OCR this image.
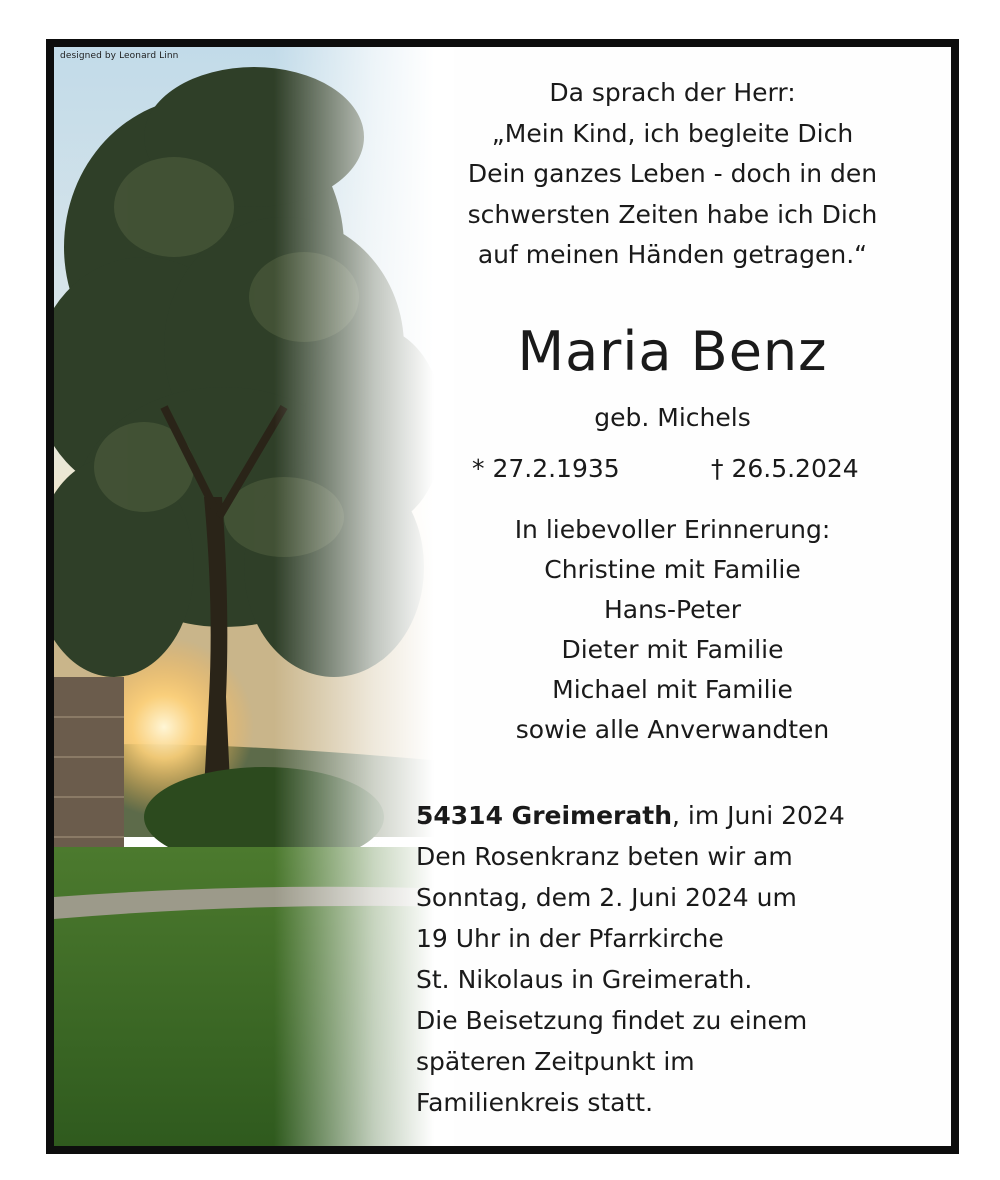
designed by Leonard Linn
Da sprach der Herr:
„Mein Kind, ich begleite Dich
Dein ganzes Leben - doch in den
schwersten Zeiten habe ich Dich
auf meinen Händen getragen.“
Maria Benz
geb. Michels
* 27.2.1935	† 26.5.2024
In liebevoller Erinnerung:
Christine mit Familie
Hans-Peter
Dieter mit Familie
Michael mit Familie
sowie alle Anverwandten
54314 Greimerath, im Juni 2024
Den Rosenkranz beten wir am
Sonntag, dem 2. Juni 2024 um
19 Uhr in der Pfarrkirche
St. Nikolaus in Greimerath.
Die Beisetzung findet zu einem
späteren Zeitpunkt im
Familienkreis statt.
